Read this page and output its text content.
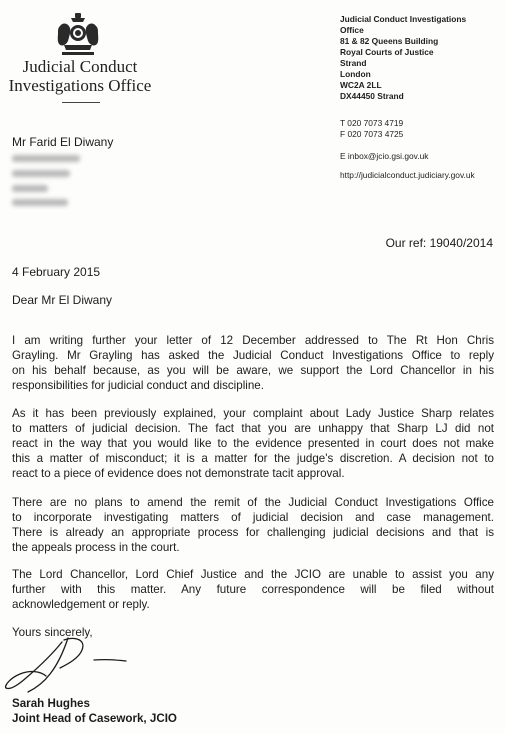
Judicial Conduct
Investigations Office
Judicial Conduct Investigations
Office
81 & 82 Queens Building
Royal Courts of Justice
Strand
London
WC2A 2LL
DX44450 Strand
T 020 7073 4719
F 020 7073 4725
E inbox@jcio.gsi.gov.uk
http://judicialconduct.judiciary.gov.uk
Mr Farid El Diwany
Our ref: 19040/2014
4 February 2015
Dear Mr El Diwany
I am writing further your letter of 12 December addressed to The Rt Hon Chris
Grayling. Mr Grayling has asked the Judicial Conduct Investigations Office to reply
on his behalf because, as you will be aware, we support the Lord Chancellor in his
responsibilities for judicial conduct and discipline.
As it has been previously explained, your complaint about Lady Justice Sharp relates
to matters of judicial decision. The fact that you are unhappy that Sharp LJ did not
react in the way that you would like to the evidence presented in court does not make
this a matter of misconduct; it is a matter for the judge's discretion. A decision not to
react to a piece of evidence does not demonstrate tacit approval.
There are no plans to amend the remit of the Judicial Conduct Investigations Office
to incorporate investigating matters of judicial decision and case management.
There is already an appropriate process for challenging judicial decisions and that is
the appeals process in the court.
The Lord Chancellor, Lord Chief Justice and the JCIO are unable to assist you any
further with this matter. Any future correspondence will be filed without
acknowledgement or reply.
Yours sincerely,
Sarah Hughes
Joint Head of Casework, JCIO
